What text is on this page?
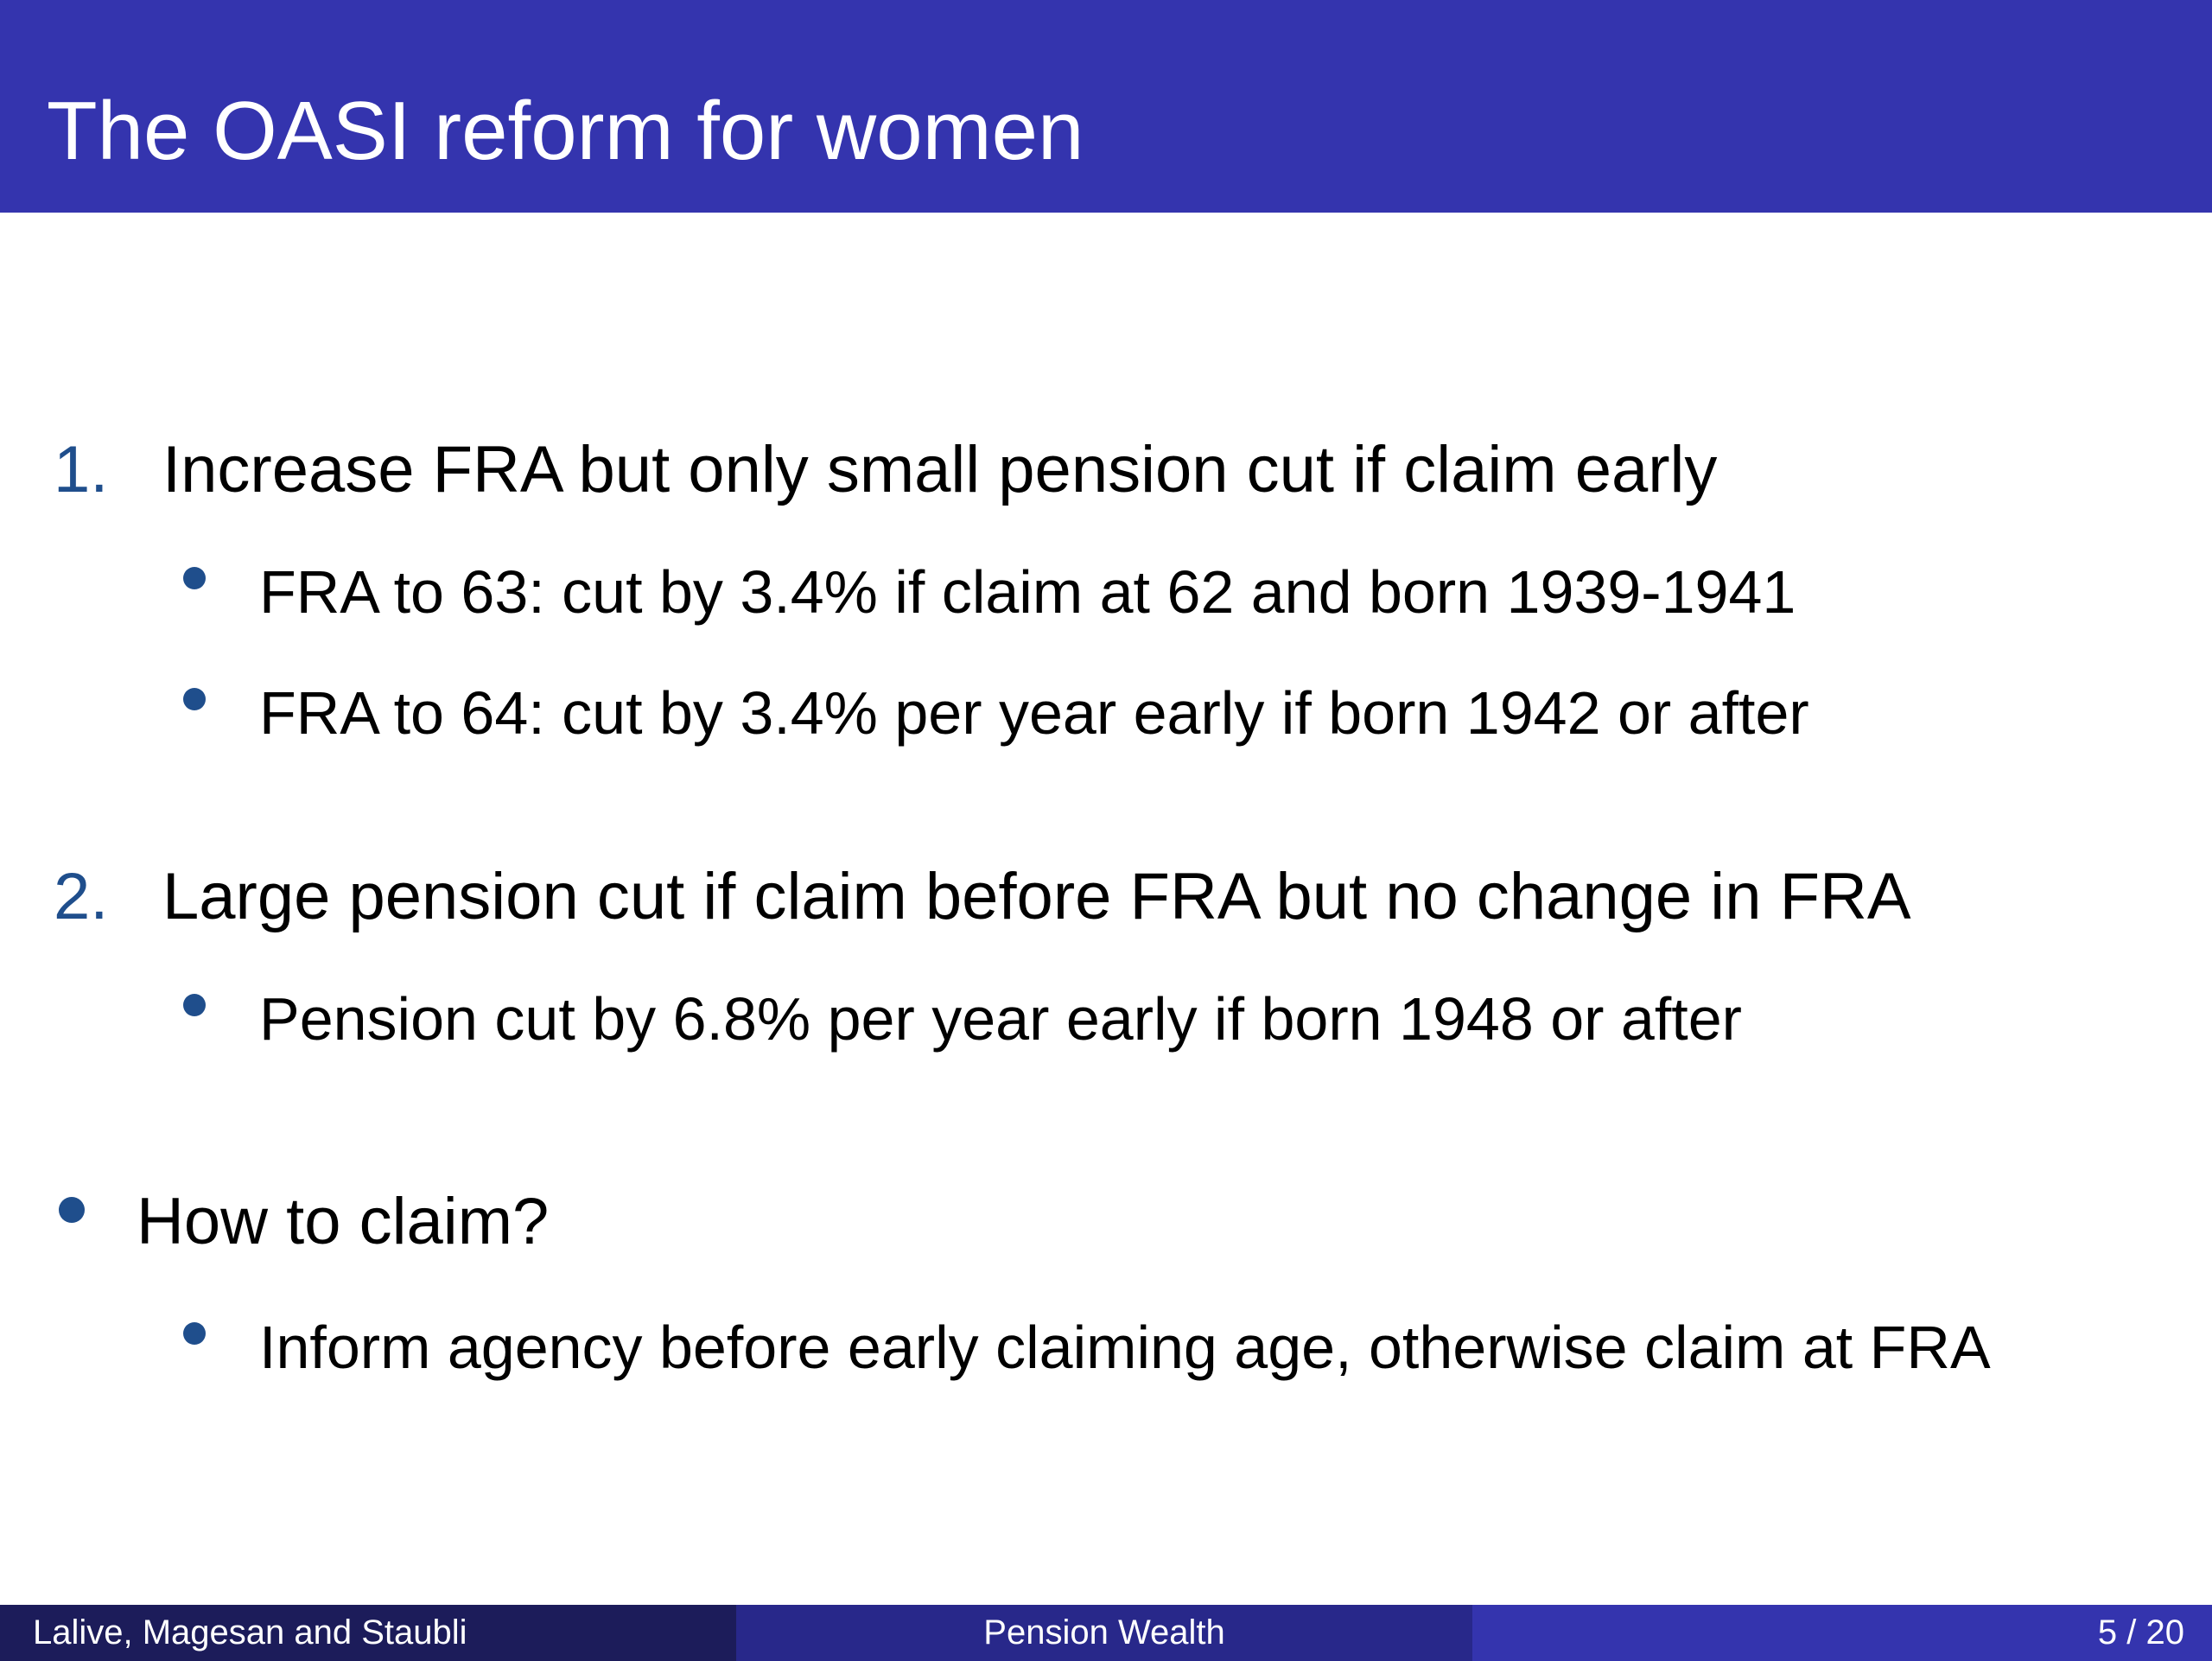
The OASI reform for women
1. Increase FRA but only small pension cut if claim early
FRA to 63: cut by 3.4% if claim at 62 and born 1939-1941
FRA to 64: cut by 3.4% per year early if born 1942 or after
2. Large pension cut if claim before FRA but no change in FRA
Pension cut by 6.8% per year early if born 1948 or after
How to claim?
Inform agency before early claiming age, otherwise claim at FRA
Lalive, Magesan and Staubli	Pension Wealth	5 / 20
